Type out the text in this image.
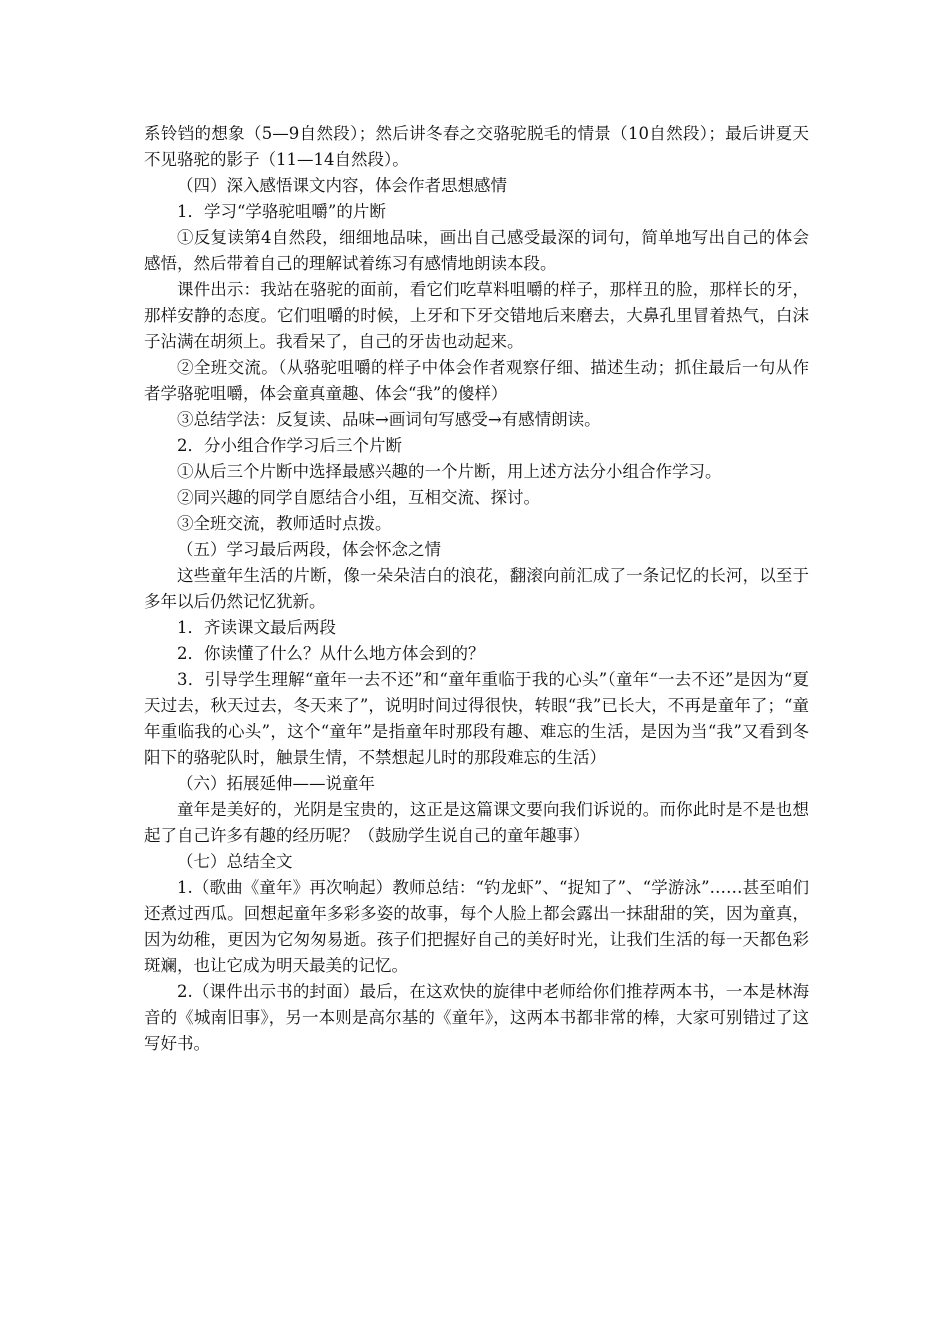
系铃铛的想象（5—9自然段）；然后讲冬春之交骆驼脱毛的情景（10自然段）；最后讲夏天不见骆驼的影子（11—14自然段）。

（四）深入感悟课文内容，体会作者思想感情

1．学习“学骆驼咀嚼”的片断

①反复读第4自然段，细细地品味，画出自己感受最深的词句，简单地写出自己的体会感悟，然后带着自己的理解试着练习有感情地朗读本段。

课件出示：我站在骆驼的面前，看它们吃草料咀嚼的样子，那样丑的脸，那样长的牙，那样安静的态度。它们咀嚼的时候，上牙和下牙交错地后来磨去，大鼻孔里冒着热气，白沫子沾满在胡须上。我看呆了，自己的牙齿也动起来。

②全班交流。（从骆驼咀嚼的样子中体会作者观察仔细、描述生动；抓住最后一句从作者学骆驼咀嚼，体会童真童趣、体会“我”的傻样）

③总结学法：反复读、品味→画词句写感受→有感情朗读。

2．分小组合作学习后三个片断

①从后三个片断中选择最感兴趣的一个片断，用上述方法分小组合作学习。

②同兴趣的同学自愿结合小组，互相交流、探讨。

③全班交流，教师适时点拨。

（五）学习最后两段，体会怀念之情

这些童年生活的片断，像一朵朵洁白的浪花，翻滚向前汇成了一条记忆的长河，以至于多年以后仍然记忆犹新。

1．齐读课文最后两段

2．你读懂了什么？从什么地方体会到的？

3．引导学生理解“童年一去不还”和“童年重临于我的心头”（童年“一去不还”是因为“夏天过去，秋天过去，冬天来了”，说明时间过得很快，转眼“我”已长大，不再是童年了；“童年重临我的心头”，这个“童年”是指童年时那段有趣、难忘的生活，是因为当“我”又看到冬阳下的骆驼队时，触景生情，不禁想起儿时的那段难忘的生活）

（六）拓展延伸——说童年

童年是美好的，光阴是宝贵的，这正是这篇课文要向我们诉说的。而你此时是不是也想起了自己许多有趣的经历呢？（鼓励学生说自己的童年趣事）

（七）总结全文

1.（歌曲《童年》再次响起）教师总结：“钓龙虾”、“捉知了”、“学游泳”……甚至咱们还煮过西瓜。回想起童年多彩多姿的故事，每个人脸上都会露出一抹甜甜的笑，因为童真，因为幼稚，更因为它匆匆易逝。孩子们把握好自己的美好时光，让我们生活的每一天都色彩斑斓，也让它成为明天最美的记忆。

2.（课件出示书的封面）最后，在这欢快的旋律中老师给你们推荐两本书，一本是林海音的《城南旧事》，另一本则是高尔基的《童年》，这两本书都非常的棒，大家可别错过了这写好书。
